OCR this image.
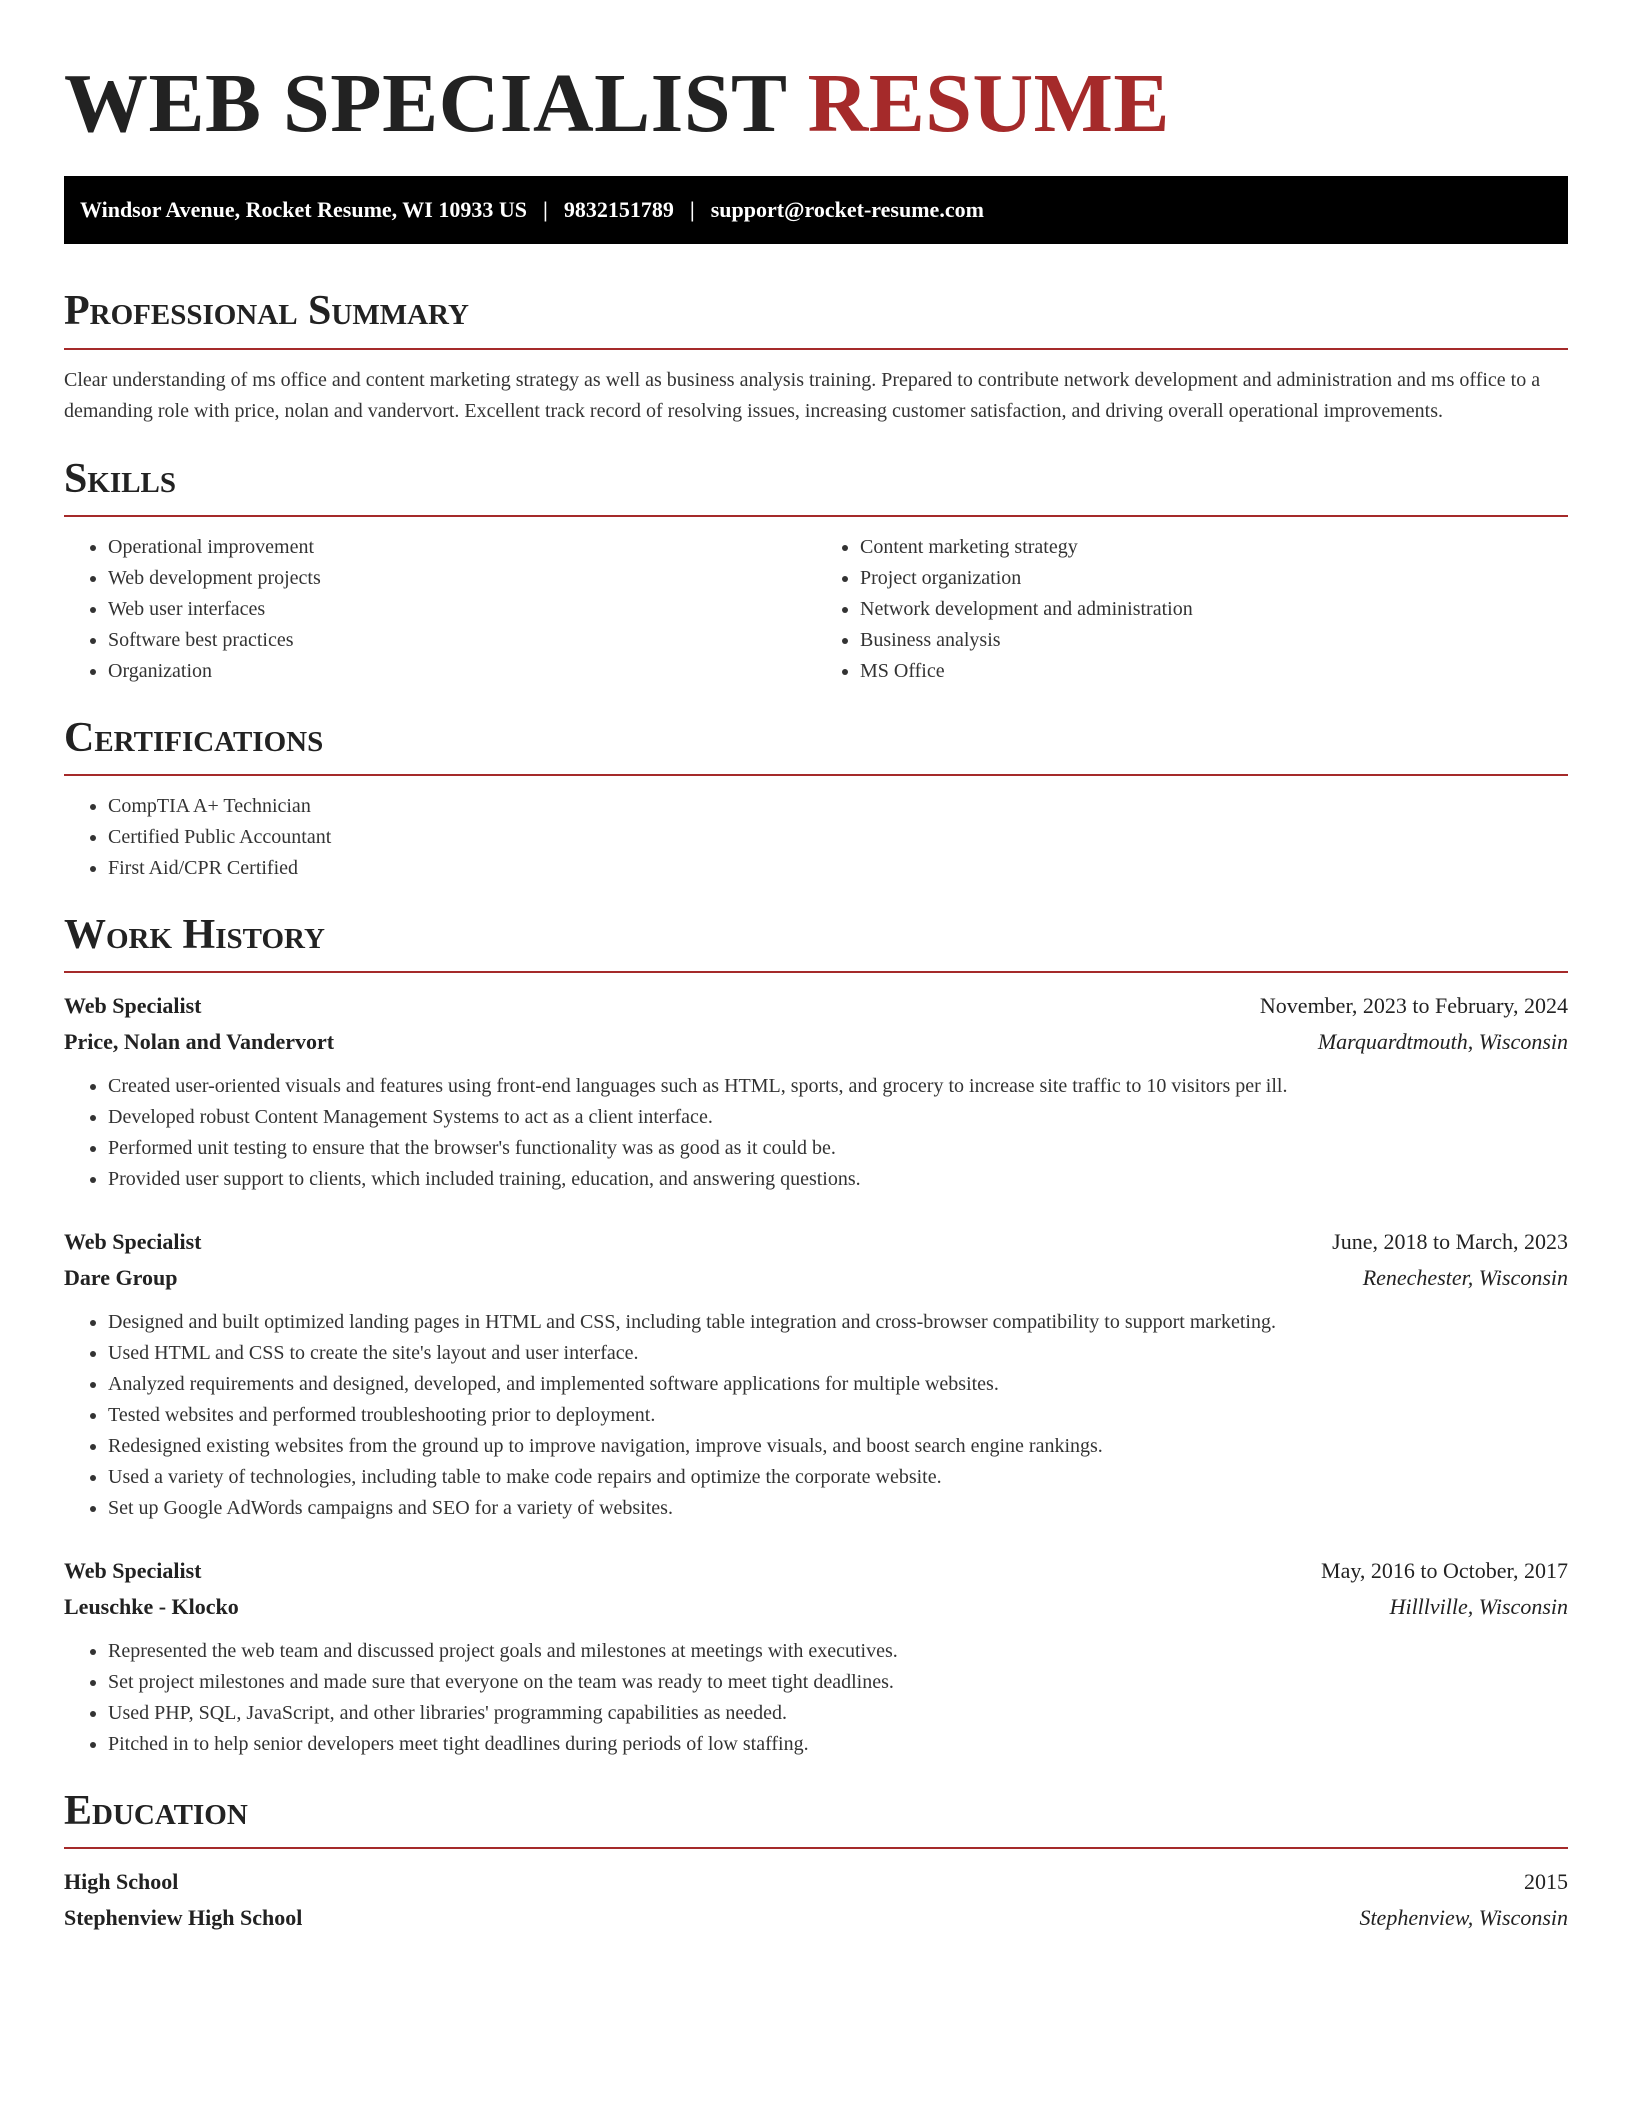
WEB SPECIALIST RESUME
Windsor Avenue, Rocket Resume, WI 10933 US | 9832151789 | support@rocket-resume.com
Professional Summary

Clear understanding of ms office and content marketing strategy as well as business analysis training. Prepared to contribute network development and administration and ms office to a demanding role with price, nolan and vandervort. Excellent track record of resolving issues, increasing customer satisfaction, and driving overall operational improvements.

Skills
• Operational improvement
• Web development projects
• Web user interfaces
• Software best practices
• Organization
• Content marketing strategy
• Project organization
• Network development and administration
• Business analysis
• MS Office
Certifications
• CompTIA A+ Technician
• Certified Public Accountant
• First Aid/CPR Certified
Work History
Web Specialist	November, 2023 to February, 2024
Price, Nolan and Vandervort	Marquardtmouth, Wisconsin
• Created user-oriented visuals and features using front-end languages such as HTML, sports, and grocery to increase site traffic to 10 visitors per ill.
• Developed robust Content Management Systems to act as a client interface.
• Performed unit testing to ensure that the browser's functionality was as good as it could be.
• Provided user support to clients, which included training, education, and answering questions.
Web Specialist	June, 2018 to March, 2023
Dare Group	Renechester, Wisconsin
• Designed and built optimized landing pages in HTML and CSS, including table integration and cross-browser compatibility to support marketing.
• Used HTML and CSS to create the site's layout and user interface.
• Analyzed requirements and designed, developed, and implemented software applications for multiple websites.
• Tested websites and performed troubleshooting prior to deployment.
• Redesigned existing websites from the ground up to improve navigation, improve visuals, and boost search engine rankings.
• Used a variety of technologies, including table to make code repairs and optimize the corporate website.
• Set up Google AdWords campaigns and SEO for a variety of websites.
Web Specialist	May, 2016 to October, 2017
Leuschke - Klocko	Hilllville, Wisconsin
• Represented the web team and discussed project goals and milestones at meetings with executives.
• Set project milestones and made sure that everyone on the team was ready to meet tight deadlines.
• Used PHP, SQL, JavaScript, and other libraries' programming capabilities as needed.
• Pitched in to help senior developers meet tight deadlines during periods of low staffing.
Education
High School	2015
Stephenview High School	Stephenview, Wisconsin
